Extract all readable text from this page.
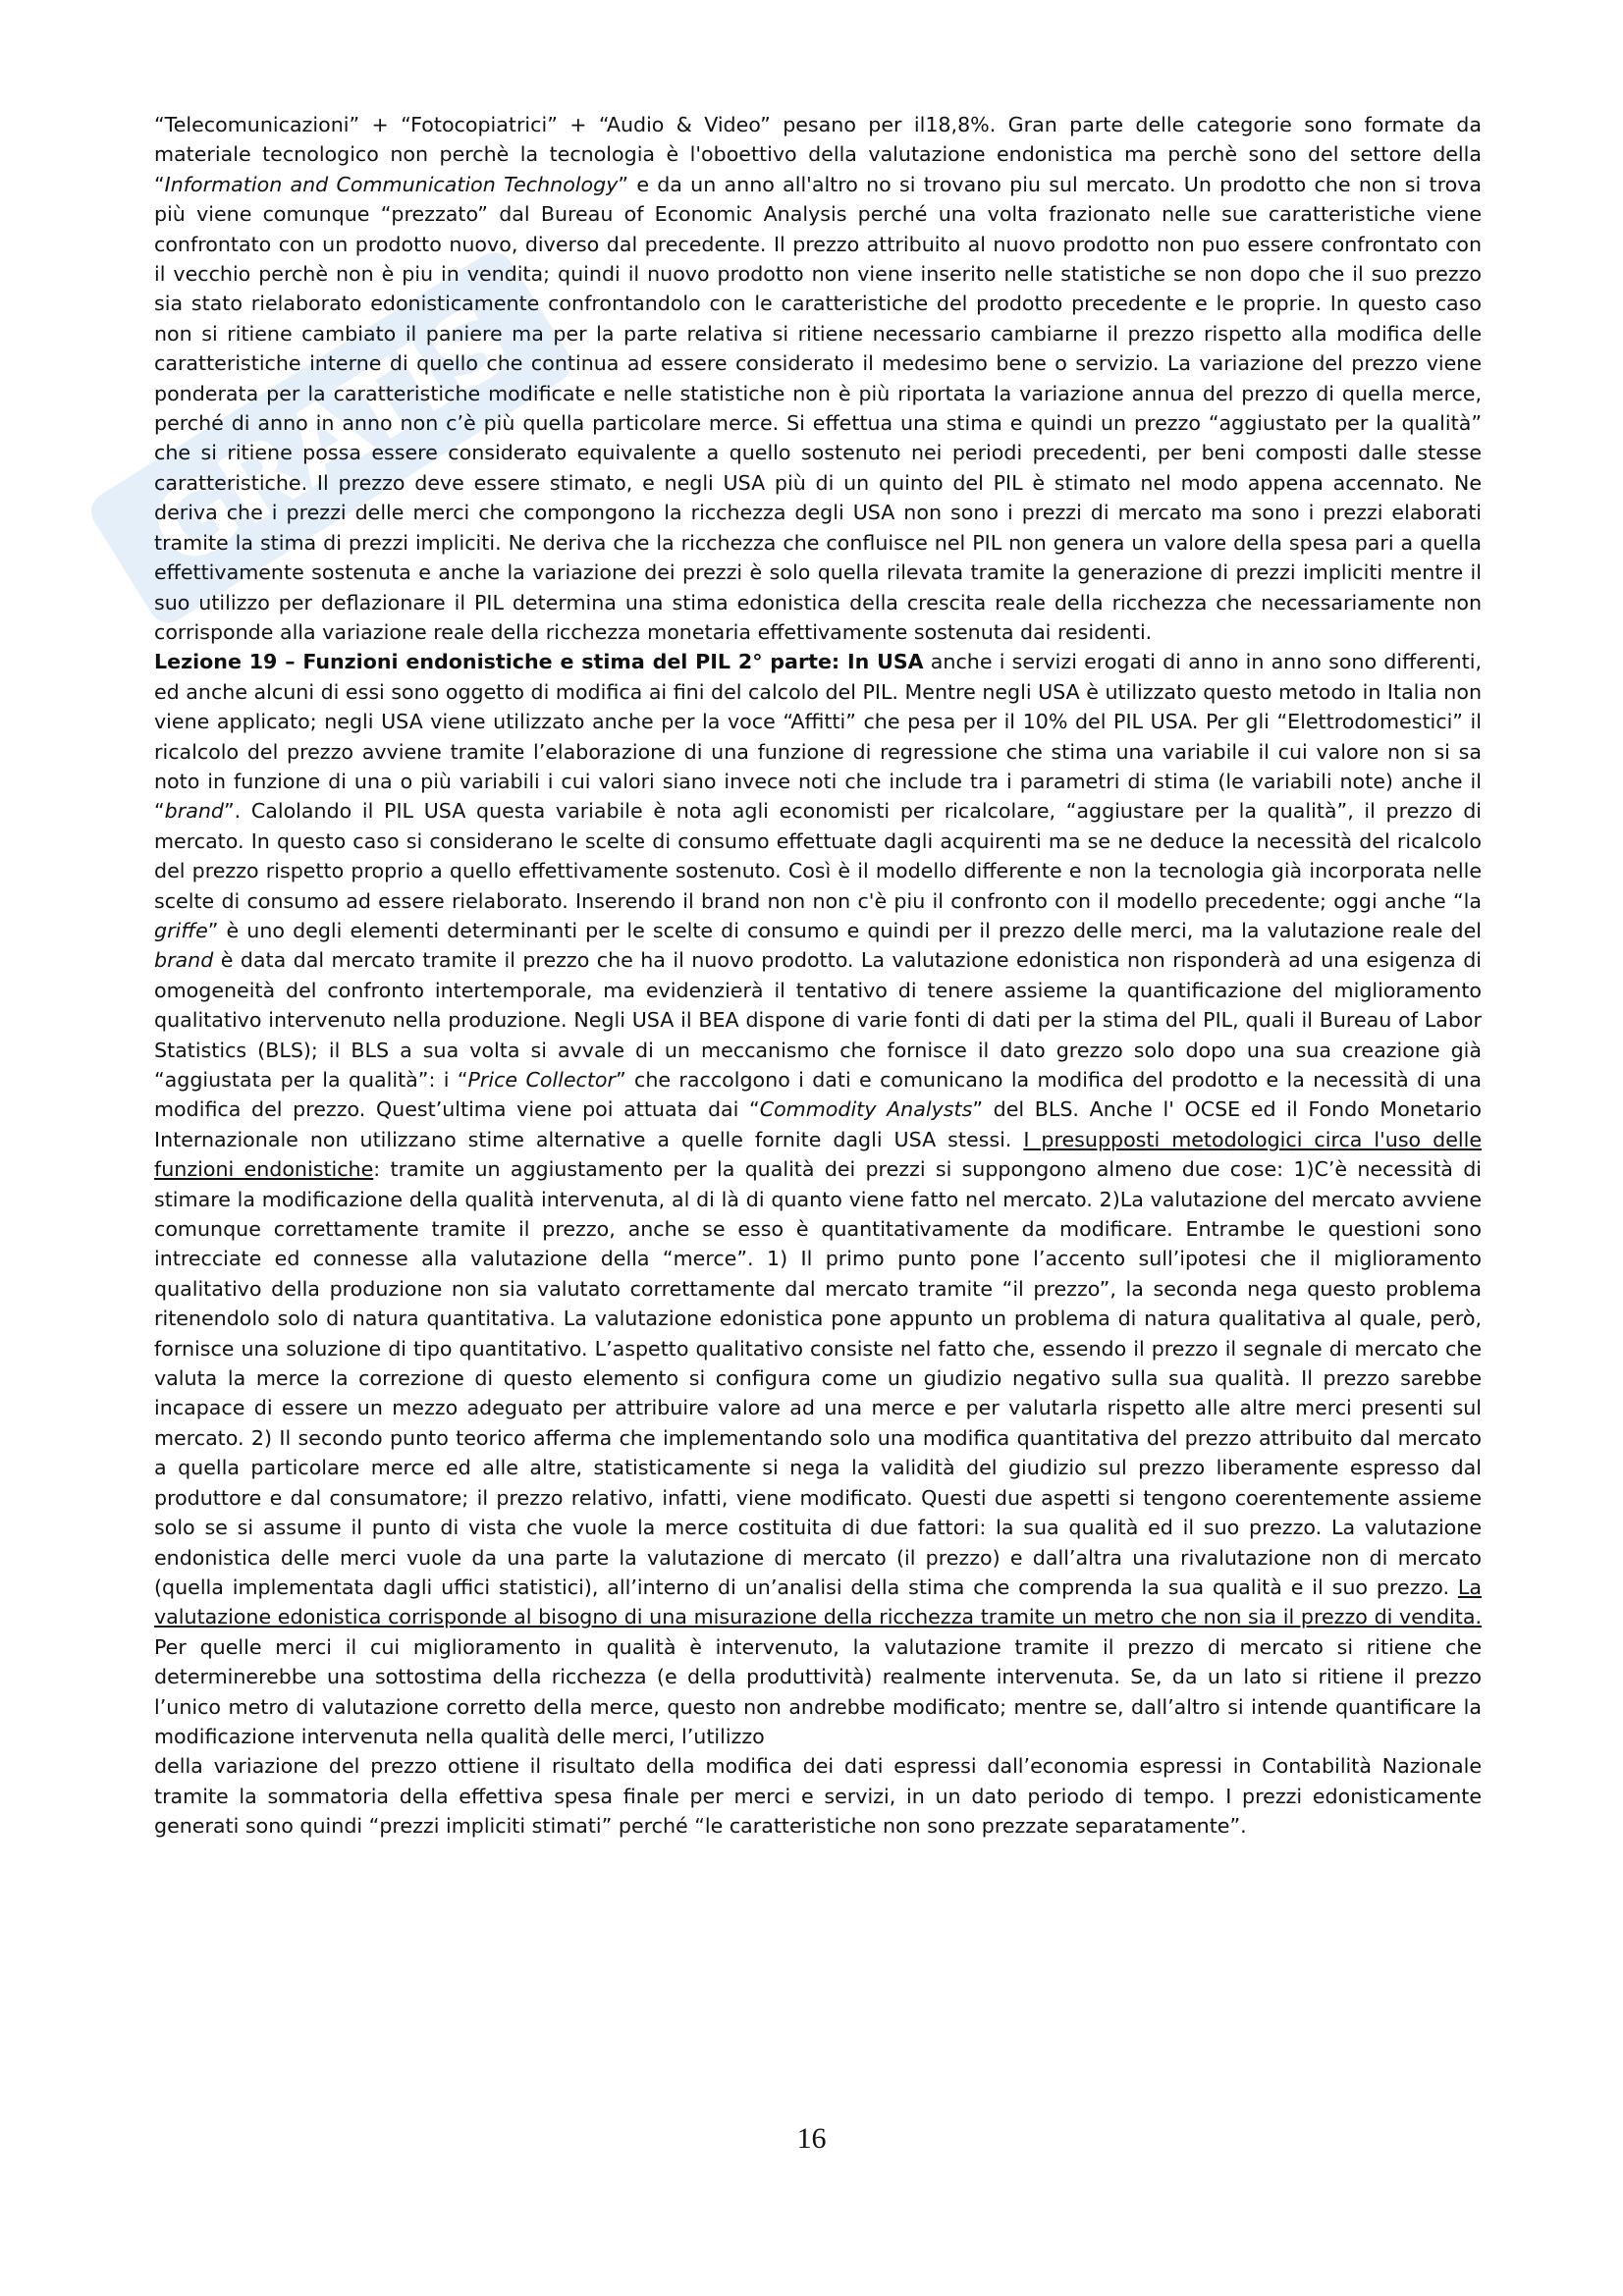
GRATIS

“Telecomunicazioni” + “Fotocopiatrici” + “Audio & Video” pesano per il18,8%. Gran parte delle categorie sono formate da materiale tecnologico non perchè la tecnologia è l'oboettivo della valutazione endonistica ma perchè sono del settore della “Information and Communication Technology” e da un anno all'altro no si trovano piu sul mercato. Un prodotto che non si trova più viene comunque “prezzato” dal Bureau of Economic Analysis perché una volta frazionato nelle sue caratteristiche viene confrontato con un prodotto nuovo, diverso dal precedente. Il prezzo attribuito al nuovo prodotto non puo essere confrontato con il vecchio perchè non è piu in vendita; quindi il nuovo prodotto non viene inserito nelle statistiche se non dopo che il suo prezzo sia stato rielaborato edonisticamente confrontandolo con le caratteristiche del prodotto precedente e le proprie. In questo caso non si ritiene cambiato il paniere ma per la parte relativa si ritiene necessario cambiarne il prezzo rispetto alla modifica delle caratteristiche interne di quello che continua ad essere considerato il medesimo bene o servizio. La variazione del prezzo viene ponderata per la caratteristiche modificate e nelle statistiche non è più riportata la variazione annua del prezzo di quella merce, perché di anno in anno non c’è più quella particolare merce. Si effettua una stima e quindi un prezzo “aggiustato per la qualità” che si ritiene possa essere considerato equivalente a quello sostenuto nei periodi precedenti, per beni composti dalle stesse caratteristiche. Il prezzo deve essere stimato, e negli USA più di un quinto del PIL è stimato nel modo appena accennato. Ne deriva che i prezzi delle merci che compongono la ricchezza degli USA non sono i prezzi di mercato ma sono i prezzi elaborati tramite la stima di prezzi impliciti. Ne deriva che la ricchezza che confluisce nel PIL non genera un valore della spesa pari a quella effettivamente sostenuta e anche la variazione dei prezzi è solo quella rilevata tramite la generazione di prezzi impliciti mentre il suo utilizzo per deflazionare il PIL determina una stima edonistica della crescita reale della ricchezza che necessariamente non corrisponde alla variazione reale della ricchezza monetaria effettivamente sostenuta dai residenti.

Lezione 19 – Funzioni endonistiche e stima del PIL 2° parte: In USA anche i servizi erogati di anno in anno sono differenti, ed anche alcuni di essi sono oggetto di modifica ai fini del calcolo del PIL. Mentre negli USA è utilizzato questo metodo in Italia non viene applicato; negli USA viene utilizzato anche per la voce “Affitti” che pesa per il 10% del PIL USA. Per gli “Elettrodomestici” il ricalcolo del prezzo avviene tramite l’elaborazione di una funzione di regressione che stima una variabile il cui valore non si sa noto in funzione di una o più variabili i cui valori siano invece noti che include tra i parametri di stima (le variabili note) anche il “brand”. Calolando il PIL USA questa variabile è nota agli economisti per ricalcolare, “aggiustare per la qualità”, il prezzo di mercato. In questo caso si considerano le scelte di consumo effettuate dagli acquirenti ma se ne deduce la necessità del ricalcolo del prezzo rispetto proprio a quello effettivamente sostenuto. Così è il modello differente e non la tecnologia già incorporata nelle scelte di consumo ad essere rielaborato. Inserendo il brand non non c'è piu il confronto con il modello precedente; oggi anche “la griffe” è uno degli elementi determinanti per le scelte di consumo e quindi per il prezzo delle merci, ma la valutazione reale del brand è data dal mercato tramite il prezzo che ha il nuovo prodotto. La valutazione edonistica non risponderà ad una esigenza di omogeneità del confronto intertemporale, ma evidenzierà il tentativo di tenere assieme la quantificazione del miglioramento qualitativo intervenuto nella produzione. Negli USA il BEA dispone di varie fonti di dati per la stima del PIL, quali il Bureau of Labor Statistics (BLS); il BLS a sua volta si avvale di un meccanismo che fornisce il dato grezzo solo dopo una sua creazione già “aggiustata per la qualità”: i “Price Collector” che raccolgono i dati e comunicano la modifica del prodotto e la necessità di una modifica del prezzo. Quest’ultima viene poi attuata dai “Commodity Analysts” del BLS. Anche l' OCSE ed il Fondo Monetario Internazionale non utilizzano stime alternative a quelle fornite dagli USA stessi. I presupposti metodologici circa l'uso delle funzioni endonistiche: tramite un aggiustamento per la qualità dei prezzi si suppongono almeno due cose: 1)C’è necessità di stimare la modificazione della qualità intervenuta, al di là di quanto viene fatto nel mercato. 2)La valutazione del mercato avviene comunque correttamente tramite il prezzo, anche se esso è quantitativamente da modificare. Entrambe le questioni sono intrecciate ed connesse alla valutazione della “merce”. 1) Il primo punto pone l’accento sull’ipotesi che il miglioramento qualitativo della produzione non sia valutato correttamente dal mercato tramite “il prezzo”, la seconda nega questo problema ritenendolo solo di natura quantitativa. La valutazione edonistica pone appunto un problema di natura qualitativa al quale, però, fornisce una soluzione di tipo quantitativo. L’aspetto qualitativo consiste nel fatto che, essendo il prezzo il segnale di mercato che valuta la merce la correzione di questo elemento si configura come un giudizio negativo sulla sua qualità. Il prezzo sarebbe incapace di essere un mezzo adeguato per attribuire valore ad una merce e per valutarla rispetto alle altre merci presenti sul mercato. 2) Il secondo punto teorico afferma che implementando solo una modifica quantitativa del prezzo attribuito dal mercato a quella particolare merce ed alle altre, statisticamente si nega la validità del giudizio sul prezzo liberamente espresso dal produttore e dal consumatore; il prezzo relativo, infatti, viene modificato. Questi due aspetti si tengono coerentemente assieme solo se si assume il punto di vista che vuole la merce costituita di due fattori: la sua qualità ed il suo prezzo. La valutazione endonistica delle merci vuole da una parte la valutazione di mercato (il prezzo) e dall’altra una rivalutazione non di mercato (quella implementata dagli uffici statistici), all’interno di un’analisi della stima che comprenda la sua qualità e il suo prezzo. La valutazione edonistica corrisponde al bisogno di una misurazione della ricchezza tramite un metro che non sia il prezzo di vendita. Per quelle merci il cui miglioramento in qualità è intervenuto, la valutazione tramite il prezzo di mercato si ritiene che determinerebbe una sottostima della ricchezza (e della produttività) realmente intervenuta. Se, da un lato si ritiene il prezzo l’unico metro di valutazione corretto della merce, questo non andrebbe modificato; mentre se, dall’altro si intende quantificare la modificazione intervenuta nella qualità delle merci, l’utilizzo

della variazione del prezzo ottiene il risultato della modifica dei dati espressi dall’economia espressi in Contabilità Nazionale tramite la sommatoria della effettiva spesa finale per merci e servizi, in un dato periodo di tempo. I prezzi edonisticamente generati sono quindi “prezzi impliciti stimati” perché “le caratteristiche non sono prezzate separatamente”.

16
